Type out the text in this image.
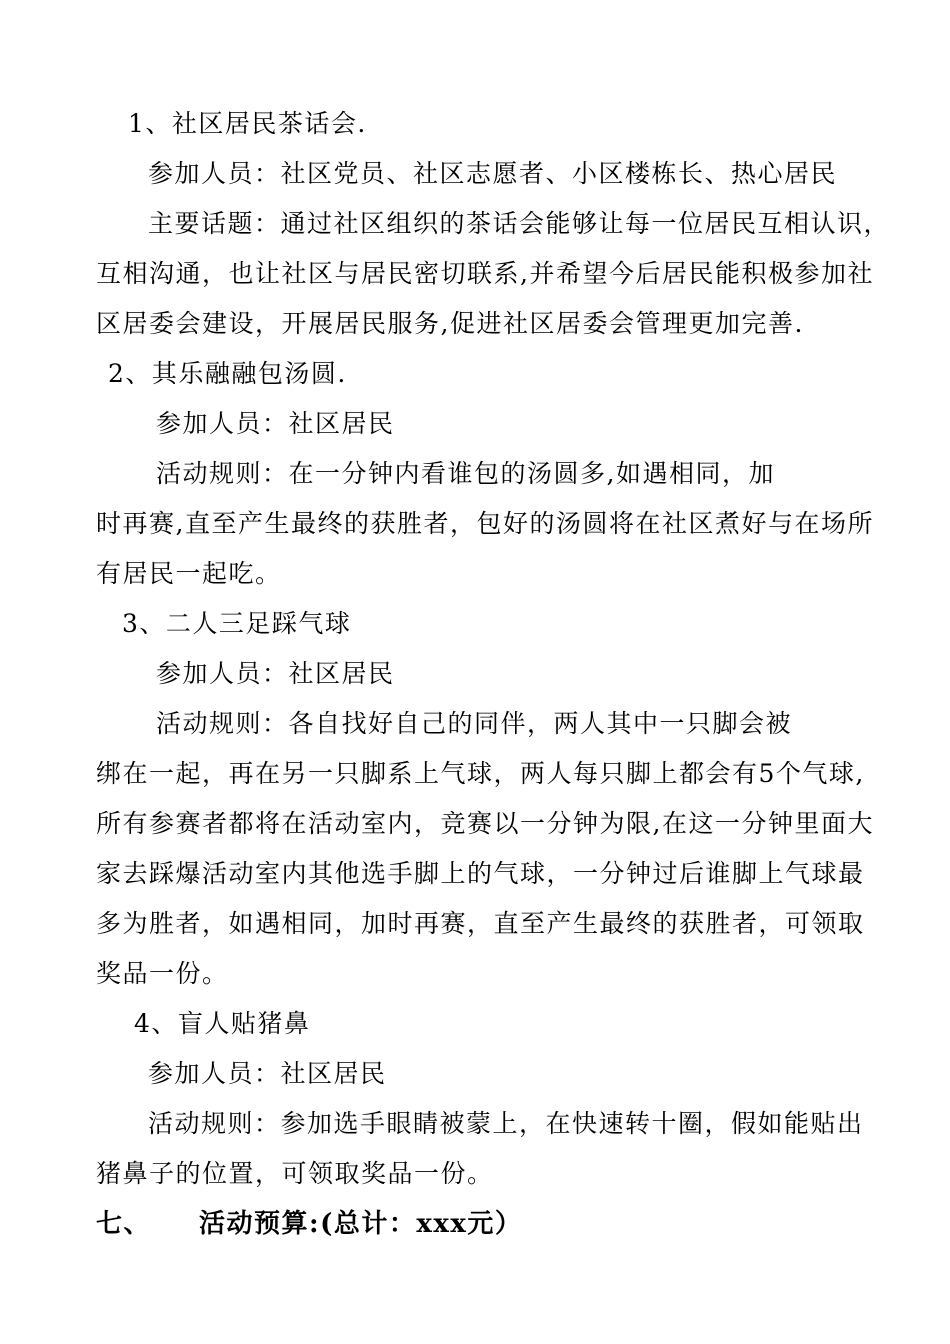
1、社区居民茶话会.
参加人员：社区党员、社区志愿者、小区楼栋长、热心居民
主要话题：通过社区组织的茶话会能够让每一位居民互相认识，
互相沟通，也让社区与居民密切联系,并希望今后居民能积极参加社
区居委会建设，开展居民服务,促进社区居委会管理更加完善.
2、其乐融融包汤圆.
参加人员：社区居民
活动规则：在一分钟内看谁包的汤圆多,如遇相同，加
时再赛,直至产生最终的获胜者，包好的汤圆将在社区煮好与在场所
有居民一起吃。
3、二人三足踩气球
参加人员：社区居民
活动规则：各自找好自己的同伴，两人其中一只脚会被
绑在一起，再在另一只脚系上气球，两人每只脚上都会有5个气球,
所有参赛者都将在活动室内，竞赛以一分钟为限,在这一分钟里面大
家去踩爆活动室内其他选手脚上的气球，一分钟过后谁脚上气球最
多为胜者，如遇相同，加时再赛，直至产生最终的获胜者，可领取
奖品一份。
4、盲人贴猪鼻
参加人员：社区居民
活动规则：参加选手眼睛被蒙上，在快速转十圈，假如能贴出
猪鼻子的位置，可领取奖品一份。
七、 活动预算:(总计：xxx元）
